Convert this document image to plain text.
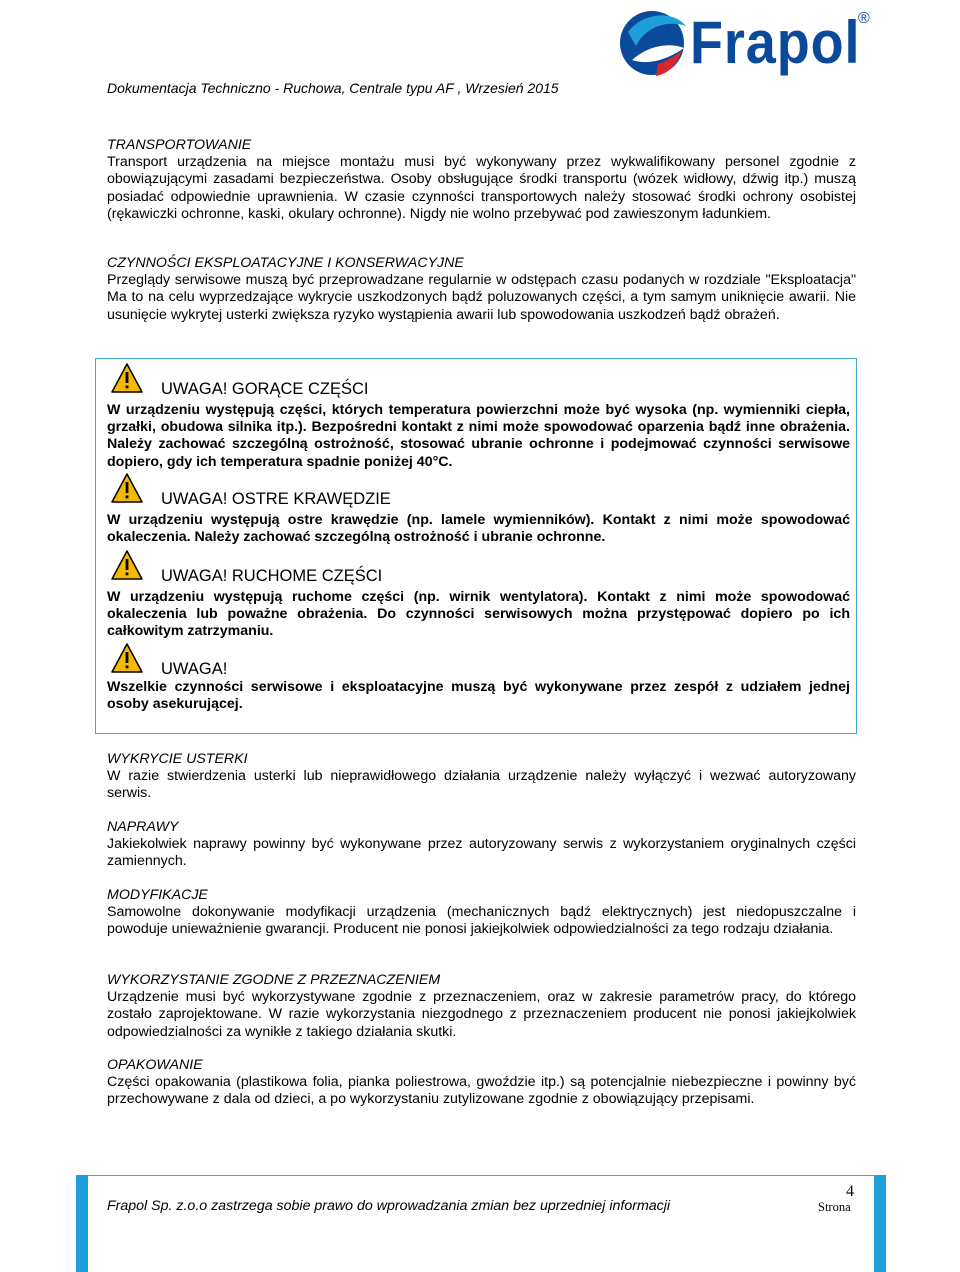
Dokumentacja Techniczno - Ruchowa, Centrale typu AF , Wrzesień 2015
Frapol
®

TRANSPORTOWANIE

Transport urządzenia na miejsce montażu musi być wykonywany przez wykwalifikowany personel zgodnie z obowiązującymi zasadami bezpieczeństwa. Osoby obsługujące środki transportu (wózek widłowy, dźwig itp.) muszą posiadać odpowiednie uprawnienia. W czasie czynności transportowych należy stosować środki ochrony osobistej (rękawiczki ochronne, kaski, okulary ochronne). Nigdy nie wolno przebywać pod zawieszonym ładunkiem.

CZYNNOŚCI EKSPLOATACYJNE I KONSERWACYJNE

Przeglądy serwisowe muszą być przeprowadzane regularnie w odstępach czasu podanych w rozdziale "Eksploatacja" Ma to na celu wyprzedzające wykrycie uszkodzonych bądź poluzowanych części, a tym samym uniknięcie awarii. Nie usunięcie wykrytej usterki zwiększa ryzyko wystąpienia awarii lub spowodowania uszkodzeń bądź obrażeń.

UWAGA! GORĄCE CZĘŚCI
W urządzeniu występują części, których temperatura powierzchni może być wysoka (np. wymienniki ciepła, grzałki, obudowa silnika itp.). Bezpośredni kontakt z nimi może spowodować oparzenia bądź inne obrażenia. Należy zachować szczególną ostrożność, stosować ubranie ochronne i podejmować czynności serwisowe dopiero, gdy ich temperatura spadnie poniżej 40°C.
UWAGA! OSTRE KRAWĘDZIE
W urządzeniu występują ostre krawędzie (np. lamele wymienników). Kontakt z nimi może spowodować okaleczenia. Należy zachować szczególną ostrożność i ubranie ochronne.
UWAGA! RUCHOME CZĘŚCI
W urządzeniu występują ruchome części (np. wirnik wentylatora). Kontakt z nimi może spowodować okaleczenia lub poważne obrażenia. Do czynności serwisowych można przystępować dopiero po ich całkowitym zatrzymaniu.
UWAGA!
Wszelkie czynności serwisowe i eksploatacyjne muszą być wykonywane przez zespół z udziałem jednej osoby asekurującej.

WYKRYCIE USTERKI

W razie stwierdzenia usterki lub nieprawidłowego działania urządzenie należy wyłączyć i wezwać autoryzowany serwis.

NAPRAWY

Jakiekolwiek naprawy powinny być wykonywane przez autoryzowany serwis z wykorzystaniem oryginalnych części zamiennych.

MODYFIKACJE

Samowolne dokonywanie modyfikacji urządzenia (mechanicznych bądź elektrycznych) jest niedopuszczalne i powoduje unieważnienie gwarancji. Producent nie ponosi jakiejkolwiek odpowiedzialności za tego rodzaju działania.

WYKORZYSTANIE ZGODNE Z PRZEZNACZENIEM

Urządzenie musi być wykorzystywane zgodnie z przeznaczeniem, oraz w zakresie parametrów pracy, do którego zostało zaprojektowane. W razie wykorzystania niezgodnego z przeznaczeniem producent nie ponosi jakiejkolwiek odpowiedzialności za wynikłe z takiego działania skutki.

OPAKOWANIE

Części opakowania (plastikowa folia, pianka poliestrowa, gwoździe itp.) są potencjalnie niebezpieczne i powinny być przechowywane z dala od dzieci, a po wykorzystaniu zutylizowane zgodnie z obowiązujący przepisami.

Frapol Sp. z.o.o zastrzega sobie prawo do wprowadzania zmian bez uprzedniej informacji
4
Strona
